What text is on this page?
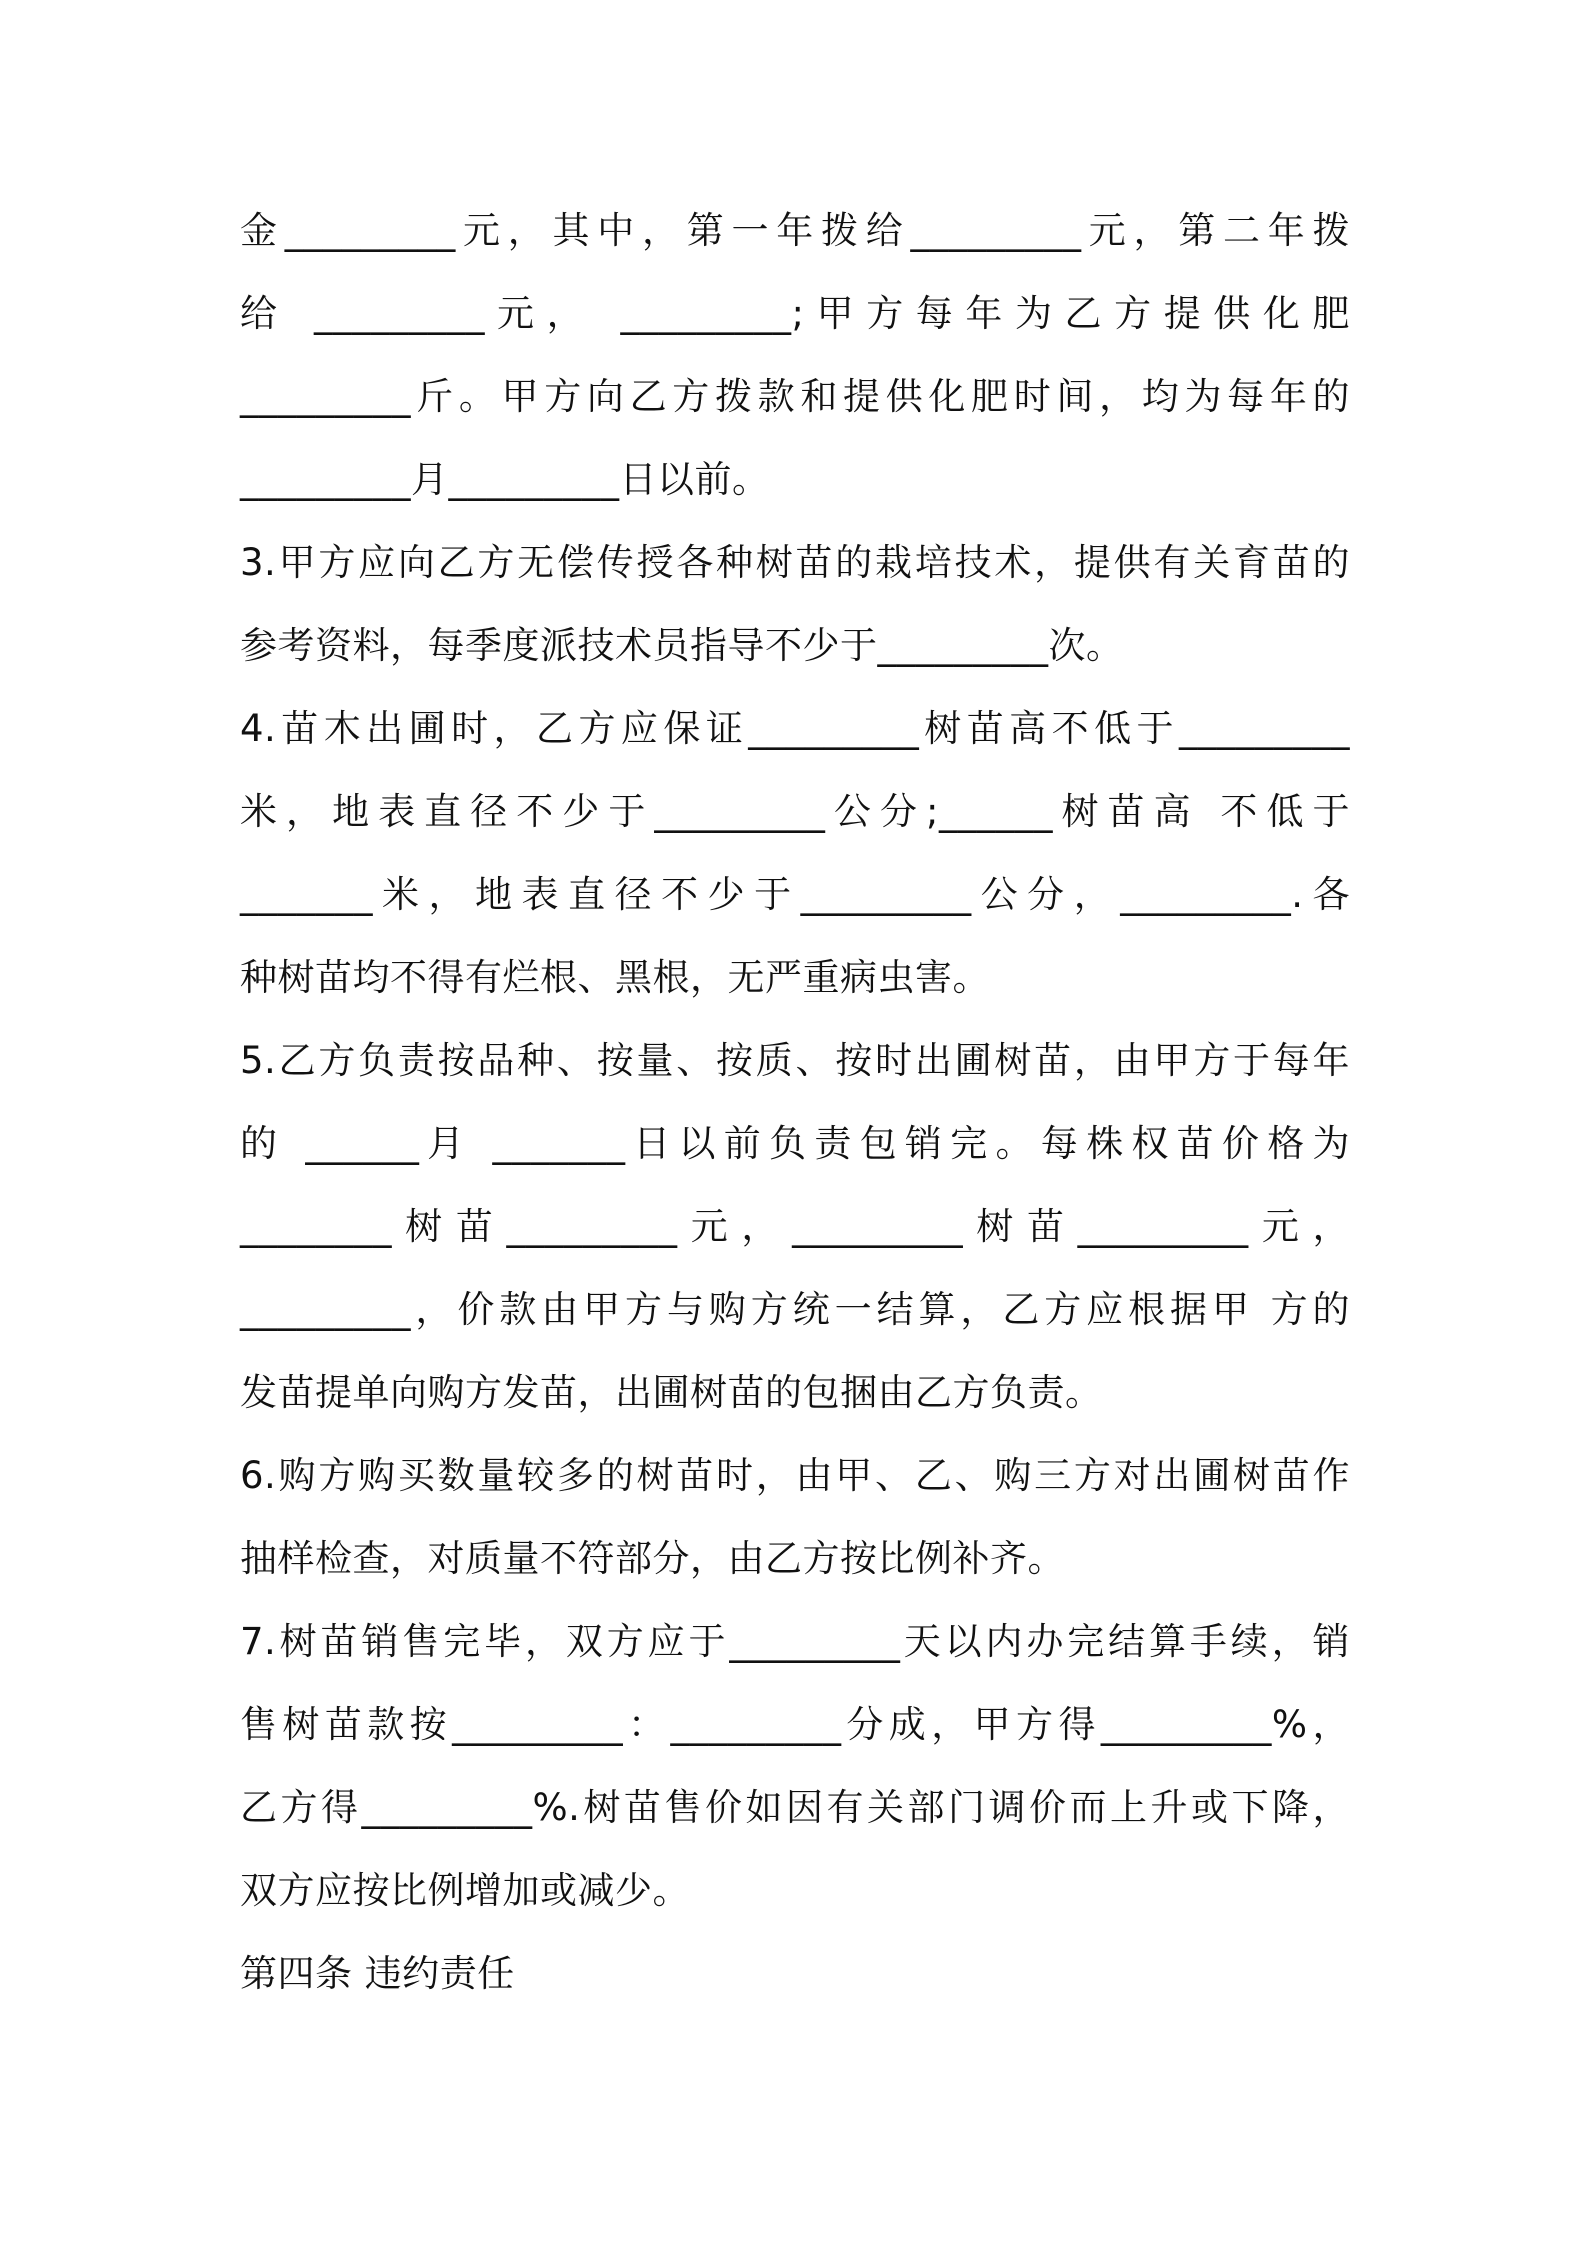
金_________元，其中，第一年拨给_________元，第二年拨
给 _________元， _________;甲方每年为乙方提供化肥
_________斤。甲方向乙方拨款和提供化肥时间，均为每年的
_________月_________日以前。
3.甲方应向乙方无偿传授各种树苗的栽培技术，提供有关育苗的
参考资料，每季度派技术员指导不少于_________次。
4.苗木出圃时，乙方应保证_________树苗高不低于_________
米，地表直径不少于_________公分;______树苗高 不低于
_______米，地表直径不少于_________公分，_________.各
种树苗均不得有烂根、黑根，无严重病虫害。
5.乙方负责按品种、按量、按质、按时出圃树苗，由甲方于每年
的 ______月 _______日以前负责包销完。每株权苗价格为
________树苗_________元，_________树苗_________元，
_________，价款由甲方与购方统一结算，乙方应根据甲 方的
发苗提单向购方发苗，出圃树苗的包捆由乙方负责。
6.购方购买数量较多的树苗时，由甲、乙、购三方对出圃树苗作
抽样检查，对质量不符部分，由乙方按比例补齐。
7.树苗销售完毕，双方应于_________天以内办完结算手续，销
售树苗款按_________：_________分成，甲方得_________%，
乙方得_________%.树苗售价如因有关部门调价而上升或下降，
双方应按比例增加或减少。
第四条 违约责任
